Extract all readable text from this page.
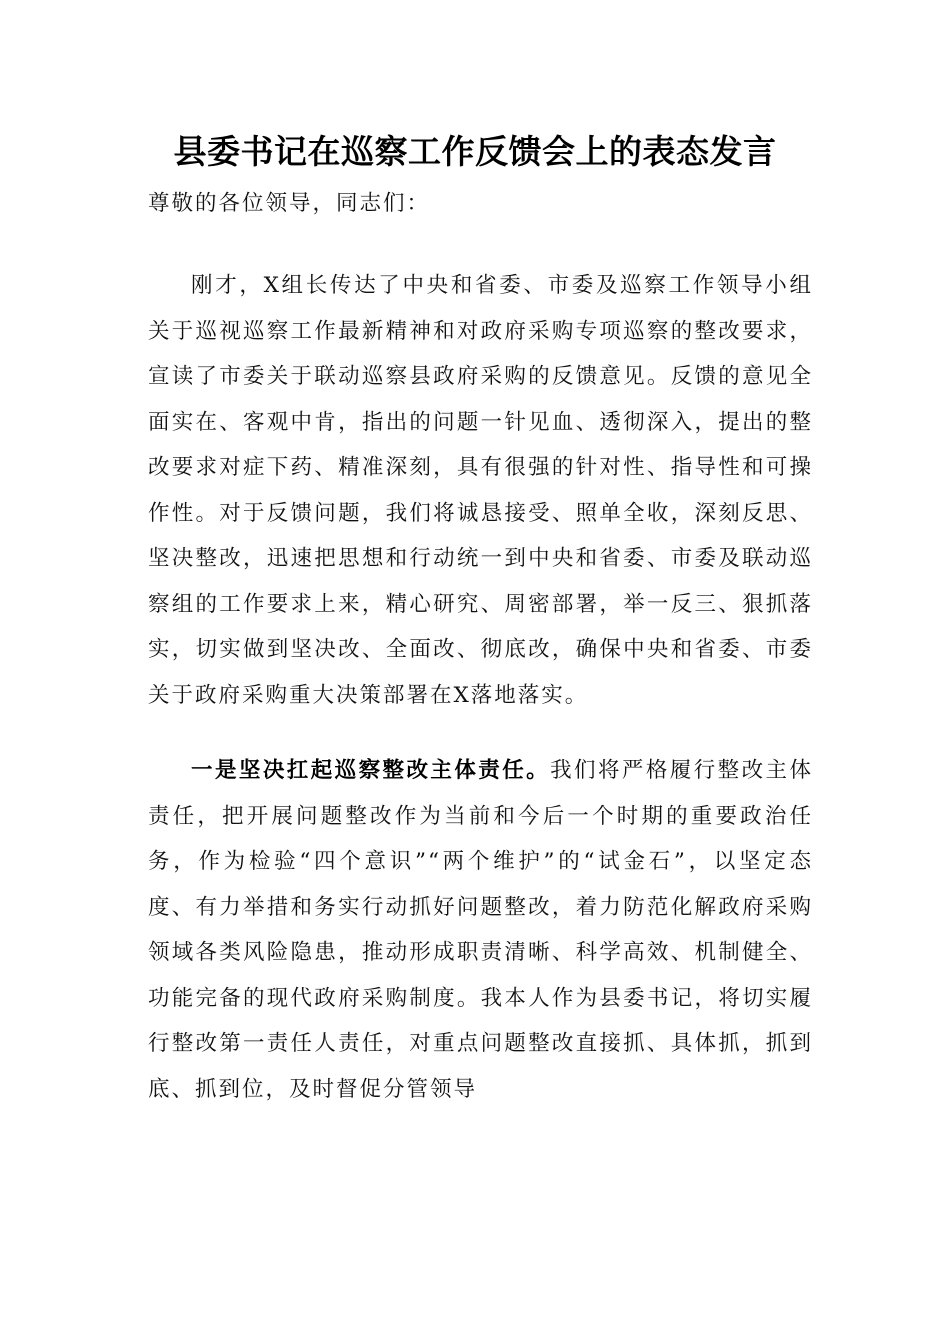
县委书记在巡察工作反馈会上的表态发言
尊敬的各位领导，同志们：

刚才，X组长传达了中央和省委、市委及巡察工作领导小组关于巡视巡察工作最新精神和对政府采购专项巡察的整改要求，宣读了市委关于联动巡察县政府采购的反馈意见。反馈的意见全面实在、客观中肯，指出的问题一针见血、透彻深入，提出的整改要求对症下药、精准深刻，具有很强的针对性、指导性和可操作性。对于反馈问题，我们将诚恳接受、照单全收，深刻反思、坚决整改，迅速把思想和行动统一到中央和省委、市委及联动巡察组的工作要求上来，精心研究、周密部署，举一反三、狠抓落实，切实做到坚决改、全面改、彻底改，确保中央和省委、市委关于政府采购重大决策部署在X落地落实。

一是坚决扛起巡察整改主体责任。我们将严格履行整改主体责任，把开展问题整改作为当前和今后一个时期的重要政治任务，作为检验“四个意识”“两个维护”的“试金石”，以坚定态度、有力举措和务实行动抓好问题整改，着力防范化解政府采购领域各类风险隐患，推动形成职责清晰、科学高效、机制健全、功能完备的现代政府采购制度。我本人作为县委书记，将切实履行整改第一责任人责任，对重点问题整改直接抓、具体抓，抓到底、抓到位，及时督促分管领导
